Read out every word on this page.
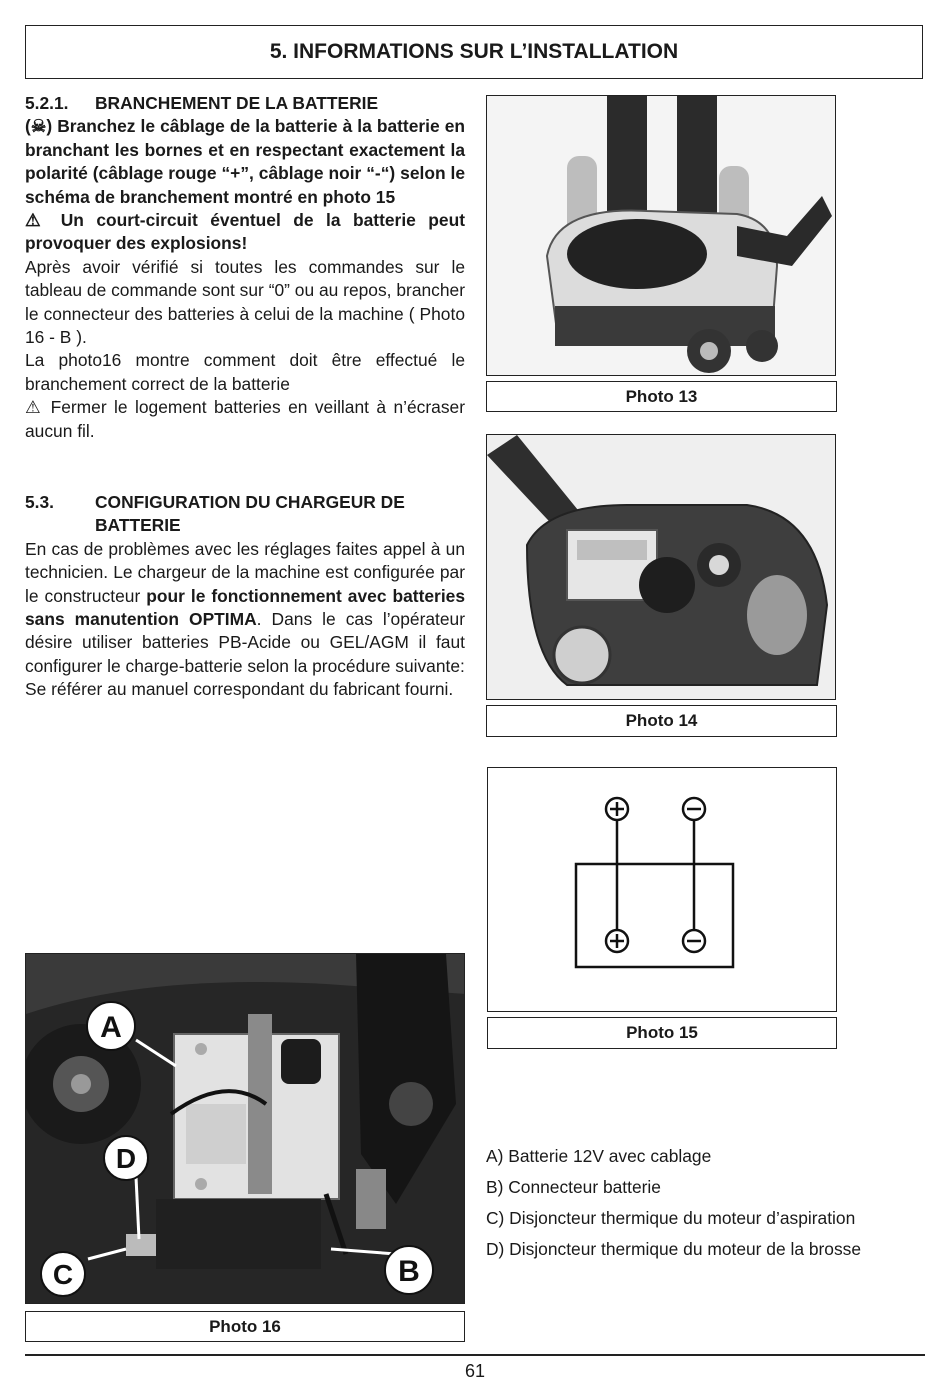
5. INFORMATIONS SUR L’INSTALLATION
5.2.1.	BRANCHEMENT DE LA BATTERIE

(☠) Branchez le câblage de la batterie à la batterie en branchant les bornes et en respectant exactement la polarité (câblage rouge “+”, câblage noir “-“) selon le schéma de branchement montré en photo 15

⚠ Un court-circuit éventuel de la batterie peut provoquer des explosions!

Après avoir vérifié si toutes les commandes sur le tableau de commande sont sur “0” ou au repos, brancher le connecteur des batteries à celui de la machine ( Photo 16 - B ).

La photo16 montre comment doit être effectué le branchement correct de la batterie

⚠ Fermer le logement batteries en veillant à n’écraser aucun fil.

5.3.	CONFIGURATION DU CHARGEUR DE
BATTERIE

En cas de problèmes avec les réglages faites appel à un technicien. Le chargeur de la machine est configurée par le constructeur pour le fonctionnement avec batteries sans manutention OPTIMA. Dans le cas l’opérateur désire utiliser batteries PB-Acide ou GEL/AGM il faut configurer le charge-batterie selon la procédure suivante:

Se référer au manuel correspondant du fabricant fourni.

Photo 13
Photo 14
Photo 15
A
D
C	B
Photo 16
A) Batterie 12V avec cablage
B) Connecteur batterie
C) Disjoncteur thermique du moteur d’aspiration
D) Disjoncteur thermique du moteur de la brosse
61
